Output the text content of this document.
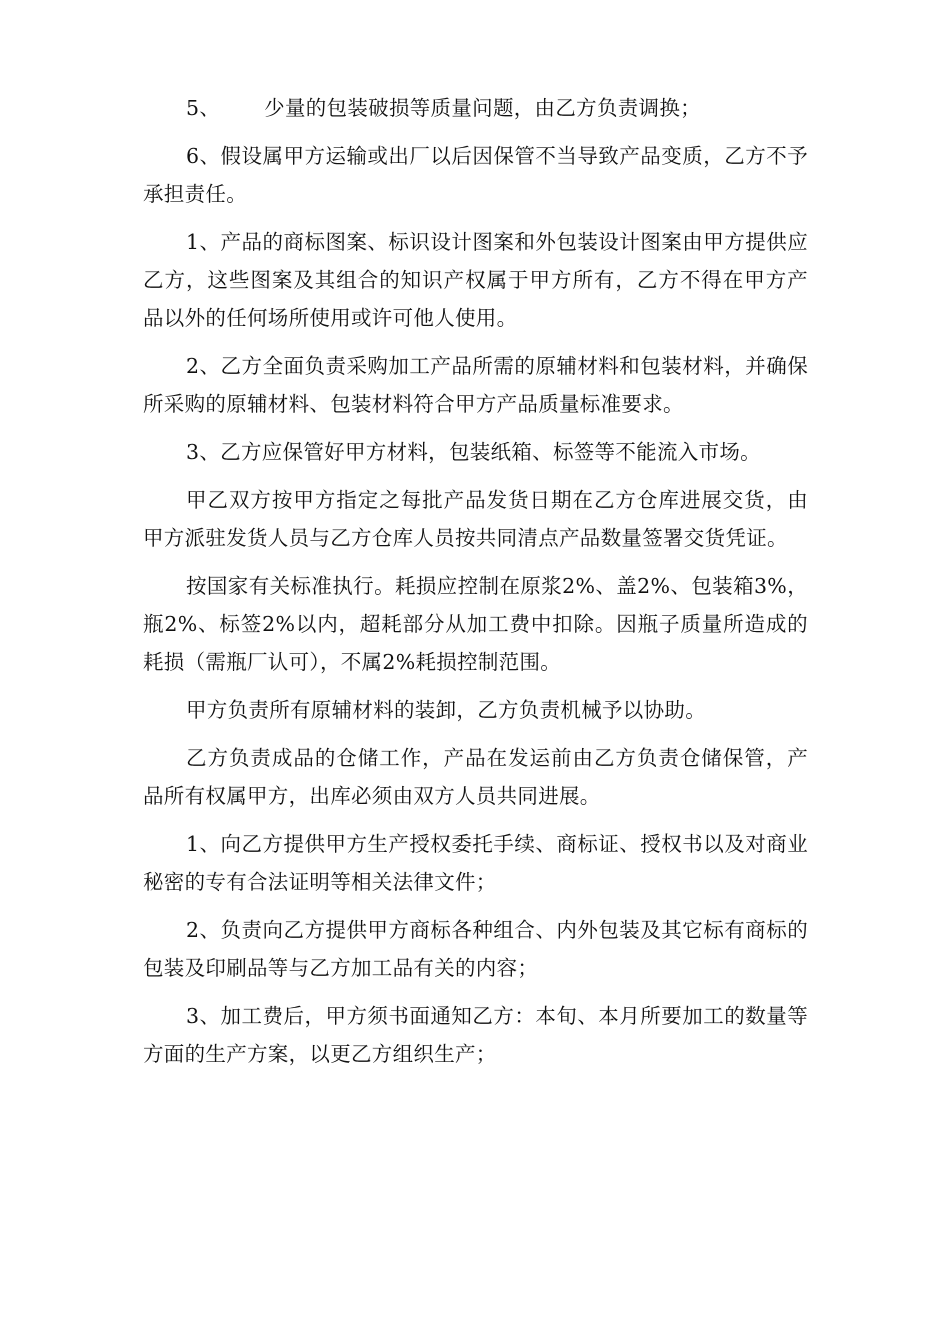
5、 少量的包装破损等质量问题，由乙方负责调换；

6、假设属甲方运输或出厂以后因保管不当导致产品变质，乙方不予承担责任。

1、产品的商标图案、标识设计图案和外包装设计图案由甲方提供应乙方，这些图案及其组合的知识产权属于甲方所有，乙方不得在甲方产品以外的任何场所使用或许可他人使用。

2、乙方全面负责采购加工产品所需的原辅材料和包装材料，并确保所采购的原辅材料、包装材料符合甲方产品质量标准要求。

3、乙方应保管好甲方材料，包装纸箱、标签等不能流入市场。

甲乙双方按甲方指定之每批产品发货日期在乙方仓库进展交货，由甲方派驻发货人员与乙方仓库人员按共同清点产品数量签署交货凭证。

按国家有关标准执行。耗损应控制在原浆2%、盖2%、包装箱3%，瓶2%、标签2%以内，超耗部分从加工费中扣除。因瓶子质量所造成的耗损（需瓶厂认可），不属2%耗损控制范围。

甲方负责所有原辅材料的装卸，乙方负责机械予以协助。

乙方负责成品的仓储工作，产品在发运前由乙方负责仓储保管，产品所有权属甲方，出库必须由双方人员共同进展。

1、向乙方提供甲方生产授权委托手续、商标证、授权书以及对商业秘密的专有合法证明等相关法律文件；

2、负责向乙方提供甲方商标各种组合、内外包装及其它标有商标的包装及印刷品等与乙方加工品有关的内容；

3、加工费后，甲方须书面通知乙方：本旬、本月所要加工的数量等方面的生产方案，以更乙方组织生产；
